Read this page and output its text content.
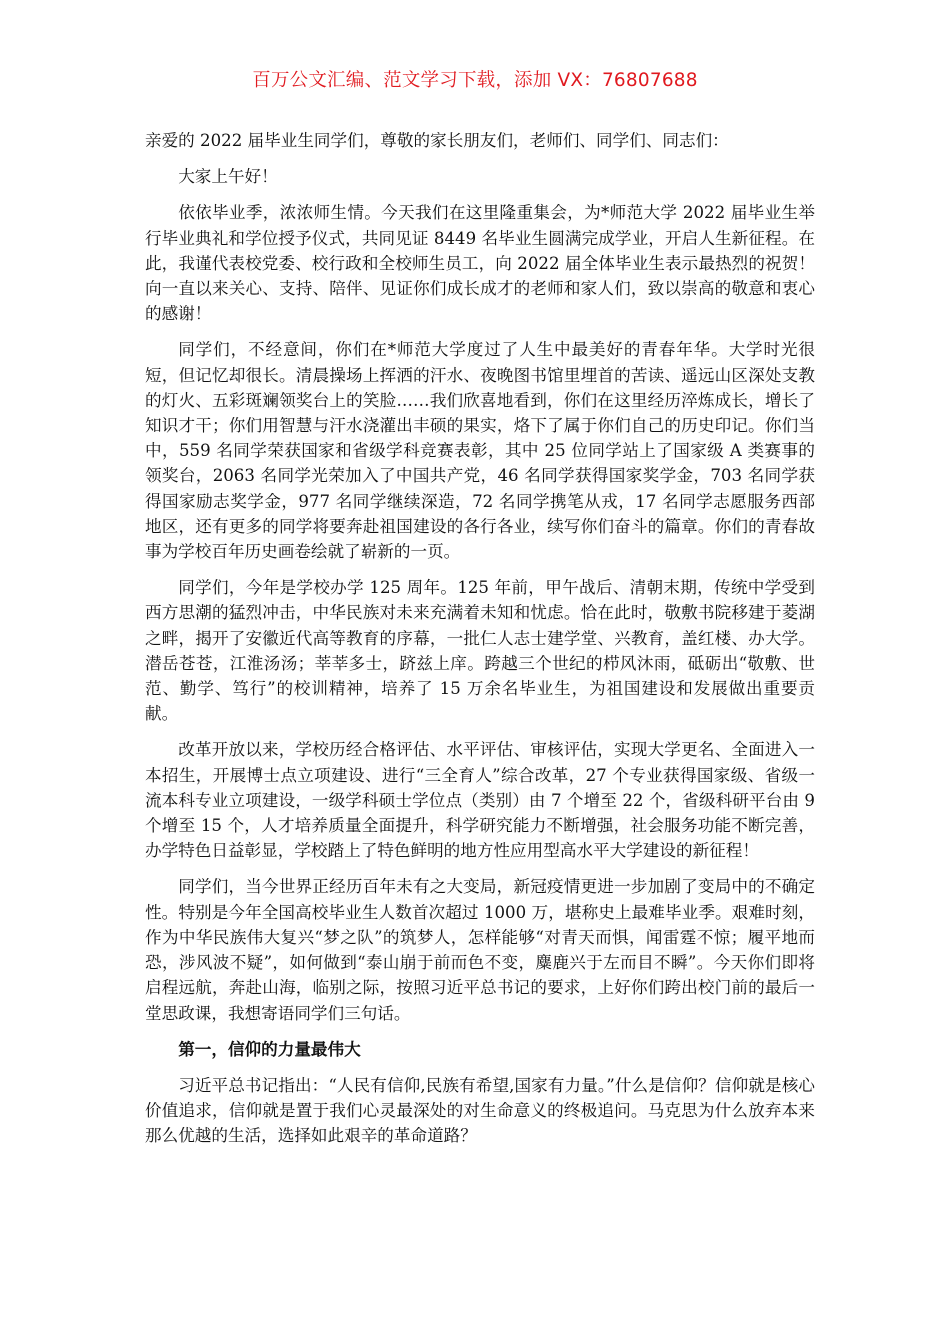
百万公文汇编、范文学习下载，添加 VX：76807688

亲爱的 2022 届毕业生同学们，尊敬的家长朋友们，老师们、同学们、同志们：

大家上午好！

依依毕业季，浓浓师生情。今天我们在这里隆重集会，为*师范大学 2022 届毕业生举行毕业典礼和学位授予仪式，共同见证 8449 名毕业生圆满完成学业，开启人生新征程。在此，我谨代表校党委、校行政和全校师生员工，向 2022 届全体毕业生表示最热烈的祝贺！向一直以来关心、支持、陪伴、见证你们成长成才的老师和家人们，致以崇高的敬意和衷心的感谢！

同学们，不经意间，你们在*师范大学度过了人生中最美好的青春年华。大学时光很短，但记忆却很长。清晨操场上挥洒的汗水、夜晚图书馆里埋首的苦读、遥远山区深处支教的灯火、五彩斑斓领奖台上的笑脸……我们欣喜地看到，你们在这里经历淬炼成长，增长了知识才干；你们用智慧与汗水浇灌出丰硕的果实，烙下了属于你们自己的历史印记。你们当中，559 名同学荣获国家和省级学科竞赛表彰，其中 25 位同学站上了国家级 A 类赛事的领奖台，2063 名同学光荣加入了中国共产党，46 名同学获得国家奖学金，703 名同学获得国家励志奖学金，977 名同学继续深造，72 名同学携笔从戎，17 名同学志愿服务西部地区，还有更多的同学将要奔赴祖国建设的各行各业，续写你们奋斗的篇章。你们的青春故事为学校百年历史画卷绘就了崭新的一页。

同学们，今年是学校办学 125 周年。125 年前，甲午战后、清朝末期，传统中学受到西方思潮的猛烈冲击，中华民族对未来充满着未知和忧虑。恰在此时，敬敷书院移建于菱湖之畔，揭开了安徽近代高等教育的序幕，一批仁人志士建学堂、兴教育，盖红楼、办大学。潜岳苍苍，江淮汤汤；莘莘多士，跻兹上庠。跨越三个世纪的栉风沐雨，砥砺出“敬敷、世范、勤学、笃行”的校训精神，培养了 15 万余名毕业生，为祖国建设和发展做出重要贡献。

改革开放以来，学校历经合格评估、水平评估、审核评估，实现大学更名、全面进入一本招生，开展博士点立项建设、进行“三全育人”综合改革，27 个专业获得国家级、省级一流本科专业立项建设，一级学科硕士学位点（类别）由 7 个增至 22 个，省级科研平台由 9 个增至 15 个，人才培养质量全面提升，科学研究能力不断增强，社会服务功能不断完善，办学特色日益彰显，学校踏上了特色鲜明的地方性应用型高水平大学建设的新征程！

同学们，当今世界正经历百年未有之大变局，新冠疫情更进一步加剧了变局中的不确定性。特别是今年全国高校毕业生人数首次超过 1000 万，堪称史上最难毕业季。艰难时刻，作为中华民族伟大复兴“梦之队”的筑梦人，怎样能够“对青天而惧，闻雷霆不惊；履平地而恐，涉风波不疑”，如何做到“泰山崩于前而色不变，麋鹿兴于左而目不瞬”。今天你们即将启程远航，奔赴山海，临别之际，按照习近平总书记的要求，上好你们跨出校门前的最后一堂思政课，我想寄语同学们三句话。

第一，信仰的力量最伟大

习近平总书记指出：“人民有信仰,民族有希望,国家有力量。”什么是信仰？信仰就是核心价值追求，信仰就是置于我们心灵最深处的对生命意义的终极追问。马克思为什么放弃本来那么优越的生活，选择如此艰辛的革命道路？
